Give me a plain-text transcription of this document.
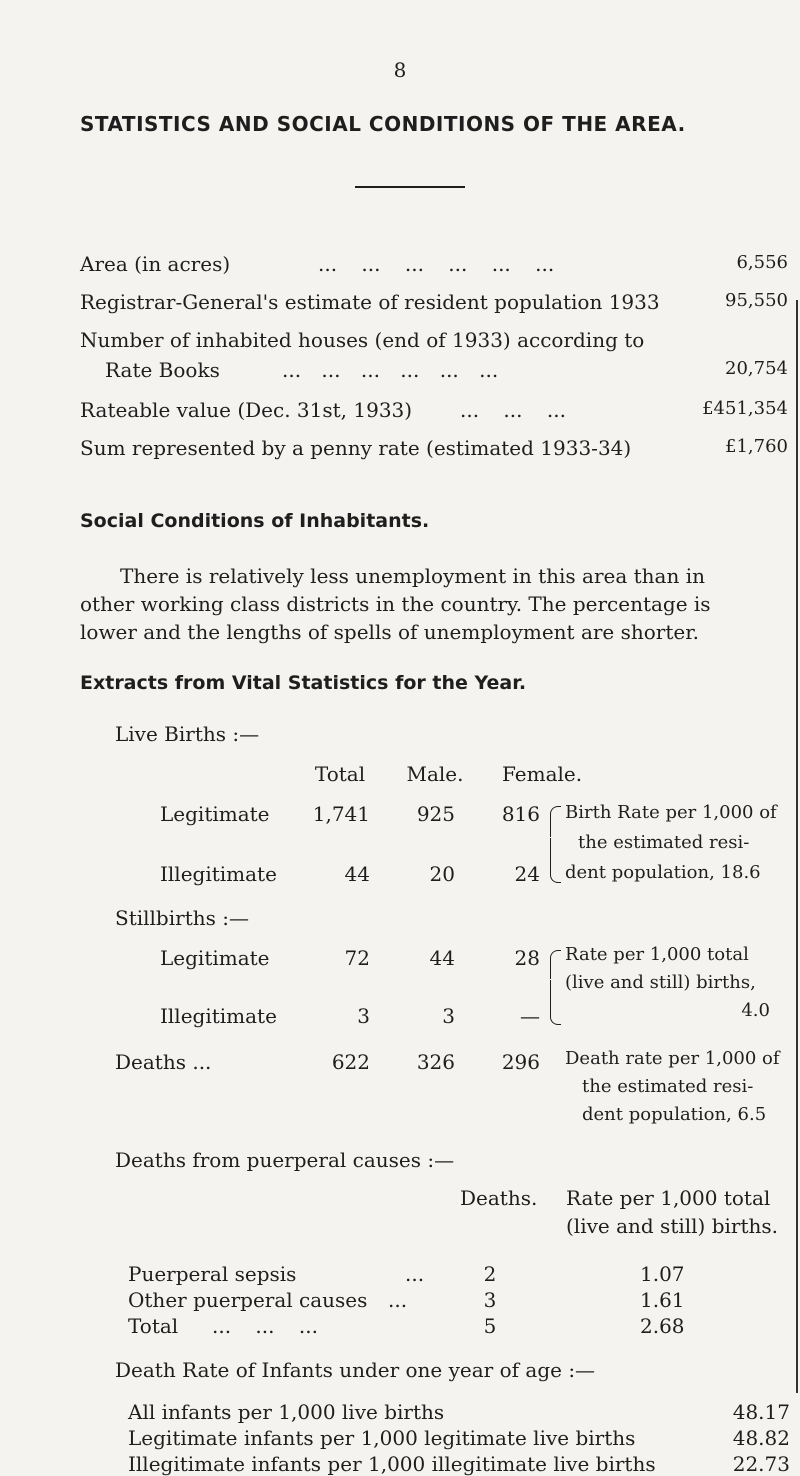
8
STATISTICS AND SOCIAL CONDITIONS OF THE AREA.
Area (in acres)	... ... ... ... ... ...	6,556
Registrar-General's estimate of resident population 1933	95,550
Number of inhabited houses (end of 1933) according to
Rate Books	... ... ... ... ... ...	20,754
Rateable value (Dec. 31st, 1933) ... ... ...	£451,354
Sum represented by a penny rate (estimated 1933-34)	£1,760
Social Conditions of Inhabitants.
There is relatively less unemployment in this area than in
other working class districts in the country. The percentage is
lower and the lengths of spells of unemployment are shorter.
Extracts from Vital Statistics for the Year.
Live Births :—
Total	Male.	Female.
Legitimate	1,741	925	816
Illegitimate	44	20	24
Birth Rate per 1,000 of
the estimated resi-
dent population, 18.6
Stillbirths :—
Legitimate	72	44	28
Illegitimate	3	3	—
Rate per 1,000 total
(live and still) births,
4.0
Deaths ...	622	326	296 Death rate per 1,000 of
the estimated resi-
dent population, 6.5
Deaths from puerperal causes :—
Deaths. Rate per 1,000 total
(live and still) births.
Puerperal sepsis	...	2	1.07
Other puerperal causes ...	3	1.61
Total ... ... ...	5	2.68
Death Rate of Infants under one year of age :—
All infants per 1,000 live births	48.17
Legitimate infants per 1,000 legitimate live births	48.82
Illegitimate infants per 1,000 illegitimate live births	22.73
